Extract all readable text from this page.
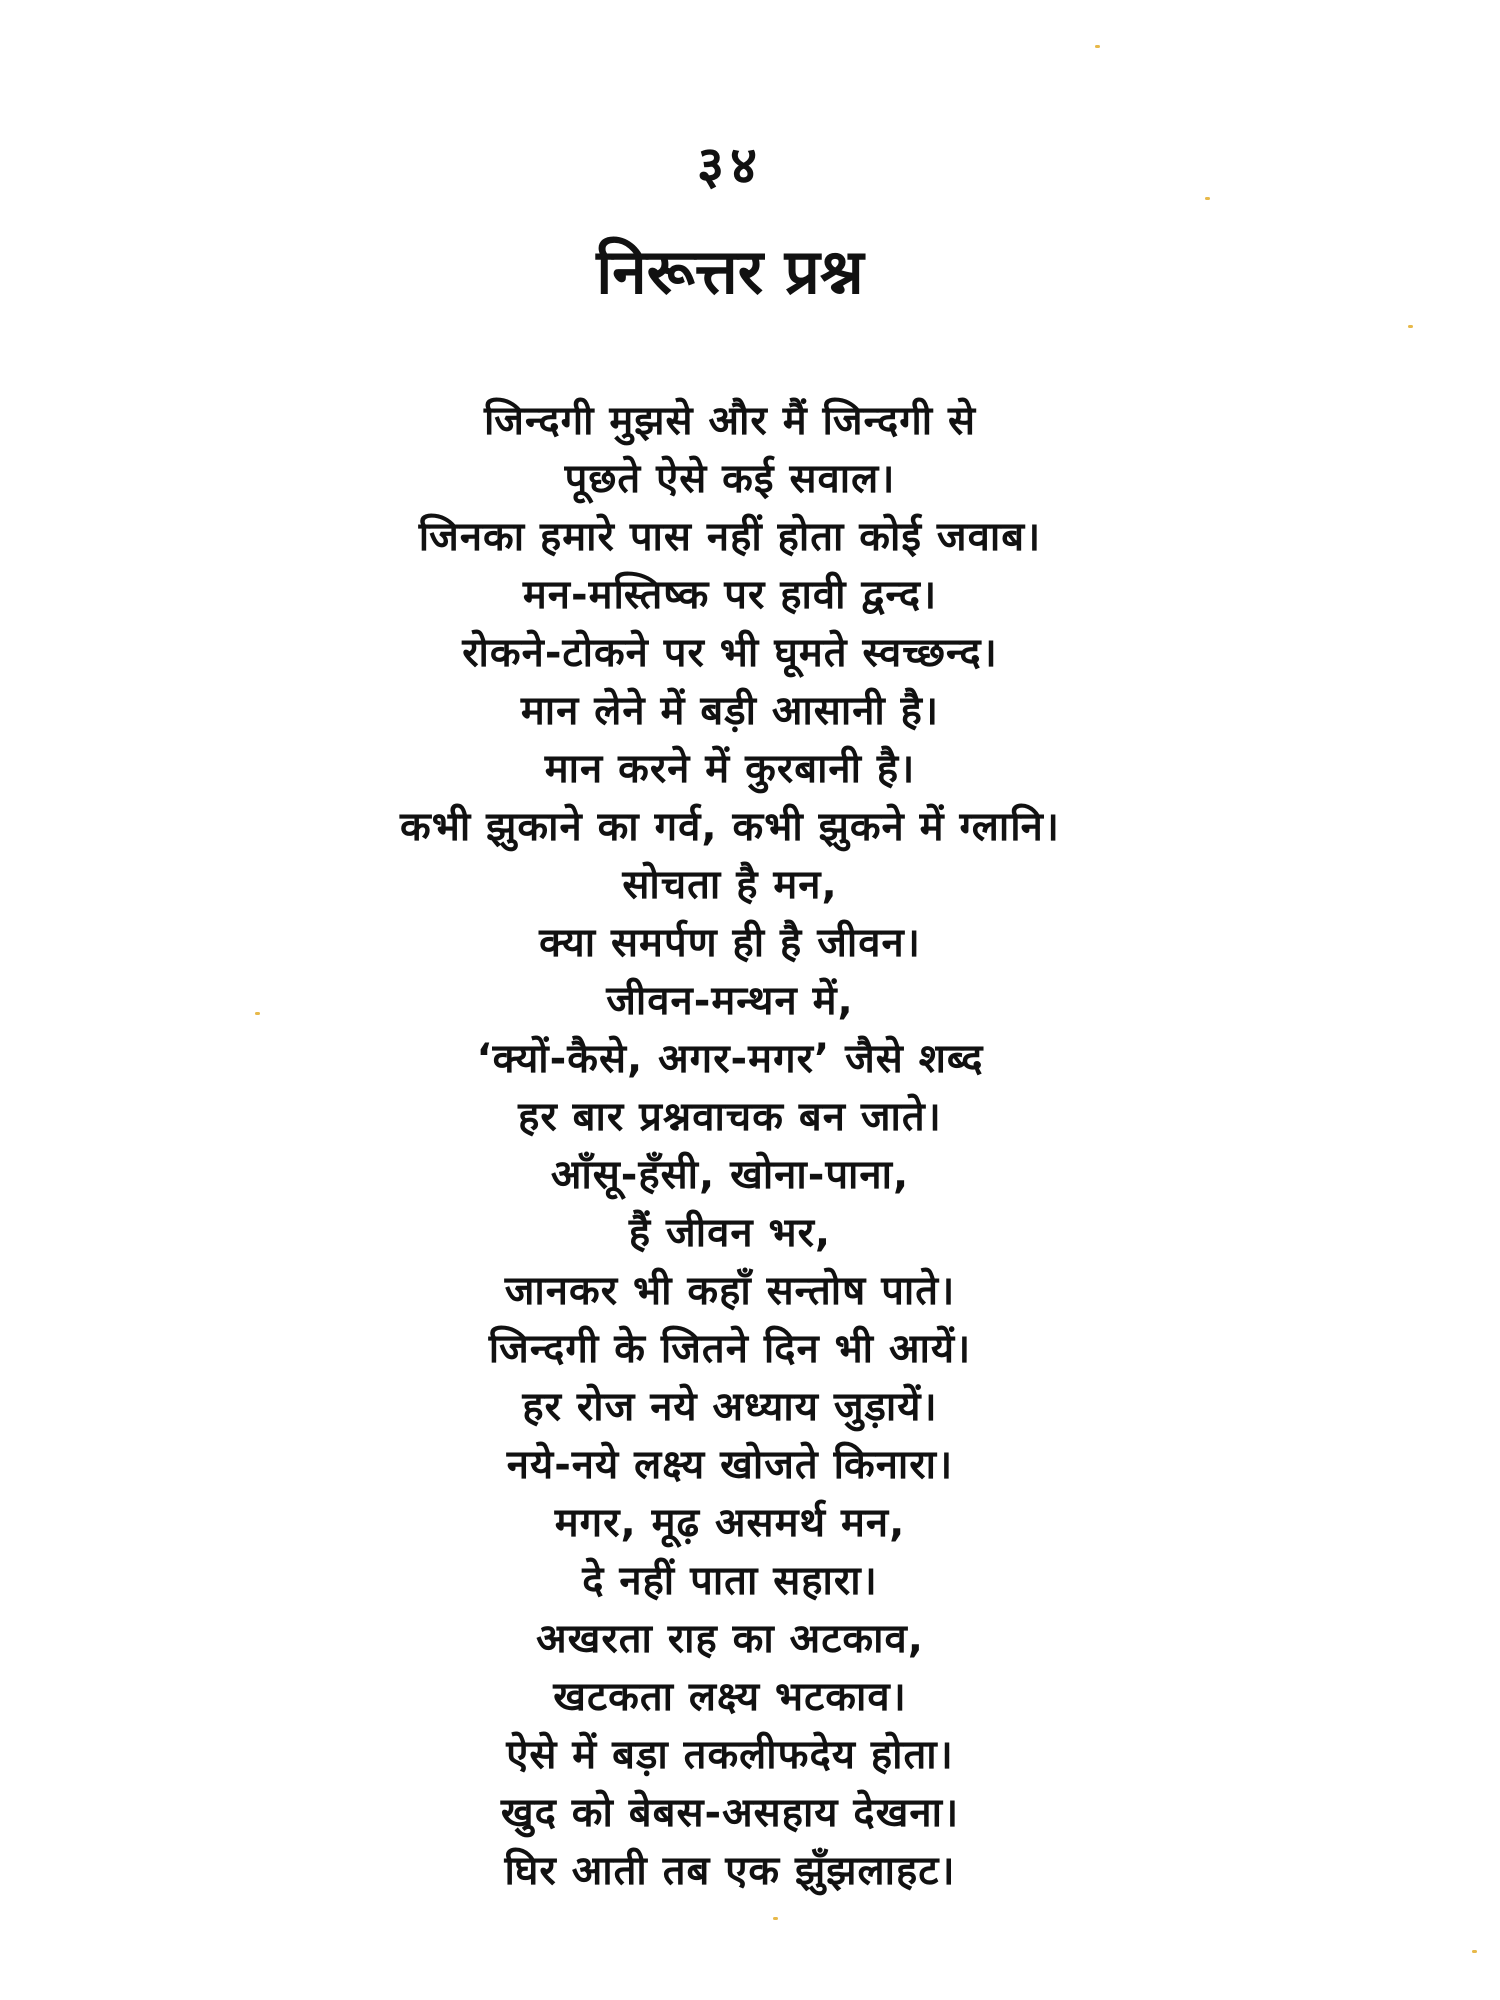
३४
निरूत्तर प्रश्न
जिन्दगी मुझसे और मैं जिन्दगी से
पूछते ऐसे कई सवाल।
जिनका हमारे पास नहीं होता कोई जवाब।
मन-मस्तिष्क पर हावी द्वन्द।
रोकने-टोकने पर भी घूमते स्वच्छन्द।
मान लेने में बड़ी आसानी है।
मान करने में कुरबानी है।
कभी झुकाने का गर्व, कभी झुकने में ग्लानि।
सोचता है मन,
क्या समर्पण ही है जीवन।
जीवन-मन्थन में,
‘क्यों-कैसे, अगर-मगर’ जैसे शब्द
हर बार प्रश्नवाचक बन जाते।
आँसू-हँसी, खोना-पाना,
हैं जीवन भर,
जानकर भी कहाँ सन्तोष पाते।
जिन्दगी के जितने दिन भी आयें।
हर रोज नये अध्याय जुड़ायें।
नये-नये लक्ष्य खोजते किनारा।
मगर, मूढ़ असमर्थ मन,
दे नहीं पाता सहारा।
अखरता राह का अटकाव,
खटकता लक्ष्य भटकाव।
ऐसे में बड़ा तकलीफदेय होता।
खुद को बेबस-असहाय देखना।
घिर आती तब एक झुँझलाहट।
